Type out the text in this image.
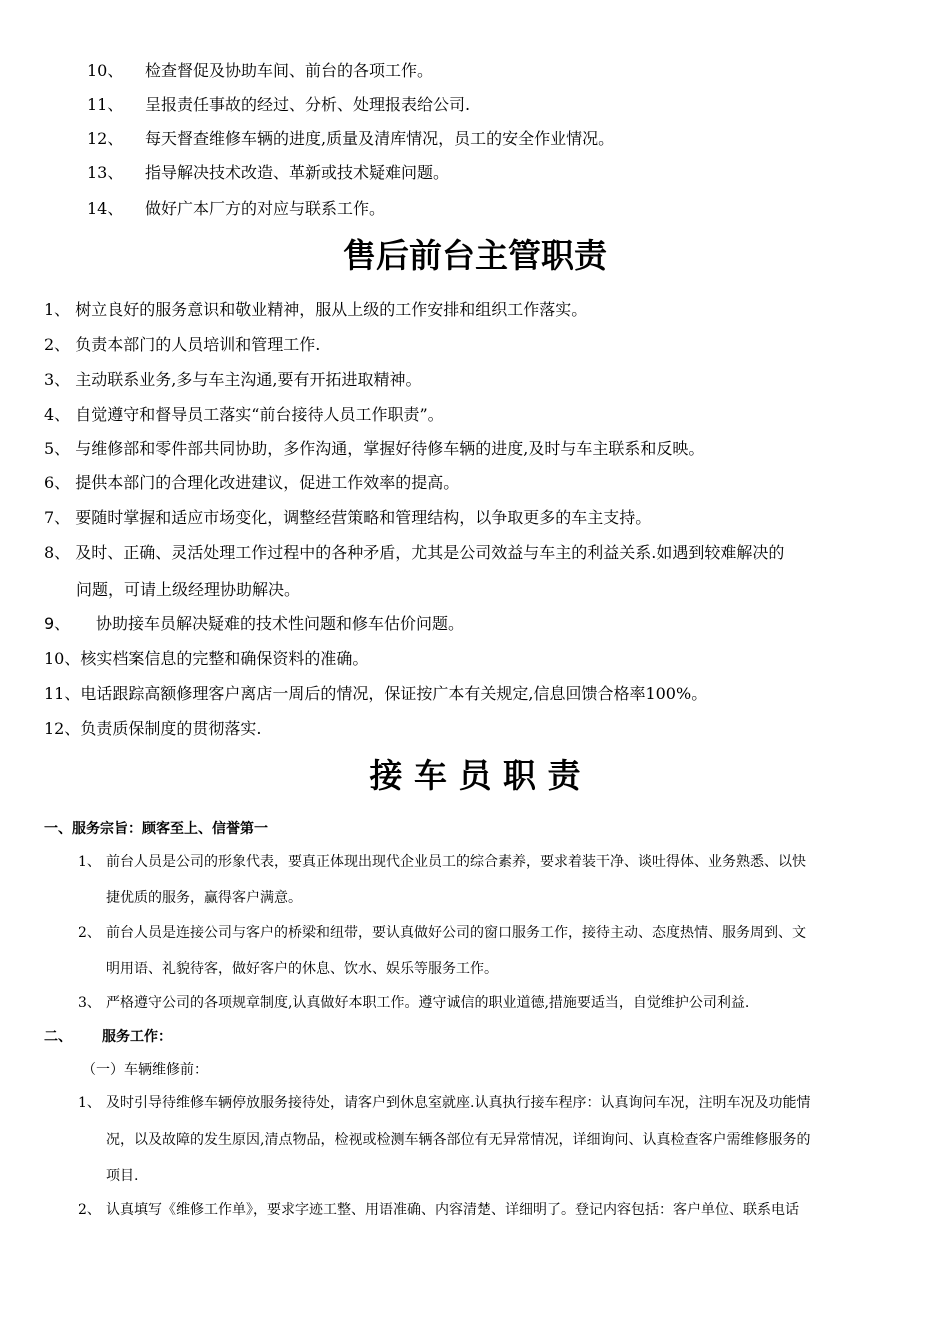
10、 检查督促及协助车间、前台的各项工作。
11、 呈报责任事故的经过、分析、处理报表给公司.
12、 每天督查维修车辆的进度,质量及清库情况，员工的安全作业情况。
13、 指导解决技术改造、革新或技术疑难问题。
14、 做好广本厂方的对应与联系工作。
售后前台主管职责
1、 树立良好的服务意识和敬业精神，服从上级的工作安排和组织工作落实。
2、 负责本部门的人员培训和管理工作.
3、 主动联系业务,多与车主沟通,要有开拓进取精神。
4、 自觉遵守和督导员工落实“前台接待人员工作职责”。
5、 与维修部和零件部共同协助，多作沟通，掌握好待修车辆的进度,及时与车主联系和反映。
6、 提供本部门的合理化改进建议，促进工作效率的提高。
7、 要随时掌握和适应市场变化，调整经营策略和管理结构，以争取更多的车主支持。
8、 及时、正确、灵活处理工作过程中的各种矛盾，尤其是公司效益与车主的利益关系.如遇到较难解决的
问题，可请上级经理协助解决。
9、 协助接车员解决疑难的技术性问题和修车估价问题。
10、核实档案信息的完整和确保资料的准确。
11、电话跟踪高额修理客户离店一周后的情况，保证按广本有关规定,信息回馈合格率100%。
12、负责质保制度的贯彻落实.
接 车 员 职 责
一、服务宗旨：顾客至上、信誉第一
1、 前台人员是公司的形象代表，要真正体现出现代企业员工的综合素养，要求着装干净、谈吐得体、业务熟悉、以快
捷优质的服务，赢得客户满意。
2、 前台人员是连接公司与客户的桥梁和纽带，要认真做好公司的窗口服务工作，接待主动、态度热情、服务周到、文
明用语、礼貌待客，做好客户的休息、饮水、娱乐等服务工作。
3、 严格遵守公司的各项规章制度,认真做好本职工作。遵守诚信的职业道德,措施要适当，自觉维护公司利益.
二、 服务工作：
（一）车辆维修前：
1、 及时引导待维修车辆停放服务接待处，请客户到休息室就座.认真执行接车程序：认真询问车况，注明车况及功能情
况，以及故障的发生原因,清点物品，检视或检测车辆各部位有无异常情况，详细询问、认真检查客户需维修服务的
项目.
2、 认真填写《维修工作单》，要求字迹工整、用语准确、内容清楚、详细明了。登记内容包括：客户单位、联系电话
